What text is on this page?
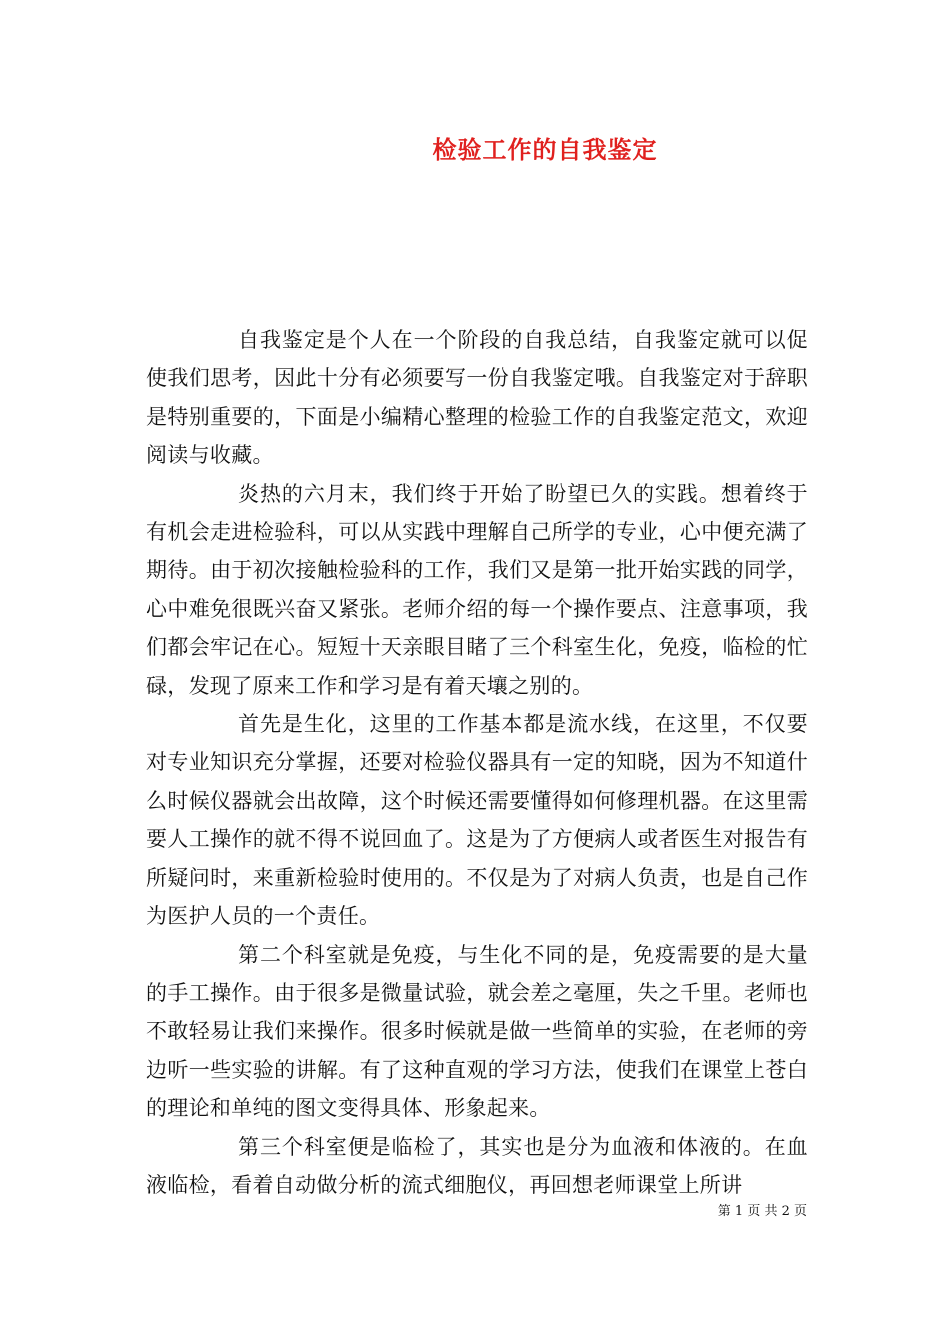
检验工作的自我鉴定

自我鉴定是个人在一个阶段的自我总结，自我鉴定就可以促使我们思考，因此十分有必须要写一份自我鉴定哦。自我鉴定对于辞职是特别重要的，下面是小编精心整理的检验工作的自我鉴定范文，欢迎阅读与收藏。

炎热的六月末，我们终于开始了盼望已久的实践。想着终于有机会走进检验科，可以从实践中理解自己所学的专业，心中便充满了期待。由于初次接触检验科的工作，我们又是第一批开始实践的同学，心中难免很既兴奋又紧张。老师介绍的每一个操作要点、注意事项，我们都会牢记在心。短短十天亲眼目睹了三个科室生化，免疫，临检的忙碌，发现了原来工作和学习是有着天壤之别的。

首先是生化，这里的工作基本都是流水线，在这里，不仅要对专业知识充分掌握，还要对检验仪器具有一定的知晓，因为不知道什么时候仪器就会出故障，这个时候还需要懂得如何修理机器。在这里需要人工操作的就不得不说回血了。这是为了方便病人或者医生对报告有所疑问时，来重新检验时使用的。不仅是为了对病人负责，也是自己作为医护人员的一个责任。

第二个科室就是免疫，与生化不同的是，免疫需要的是大量的手工操作。由于很多是微量试验，就会差之毫厘，失之千里。老师也不敢轻易让我们来操作。很多时候就是做一些简单的实验，在老师的旁边听一些实验的讲解。有了这种直观的学习方法，使我们在课堂上苍白的理论和单纯的图文变得具体、形象起来。

第三个科室便是临检了，其实也是分为血液和体液的。在血液临检，看着自动做分析的流式细胞仪，再回想老师课堂上所讲

第 1 页 共 2 页
